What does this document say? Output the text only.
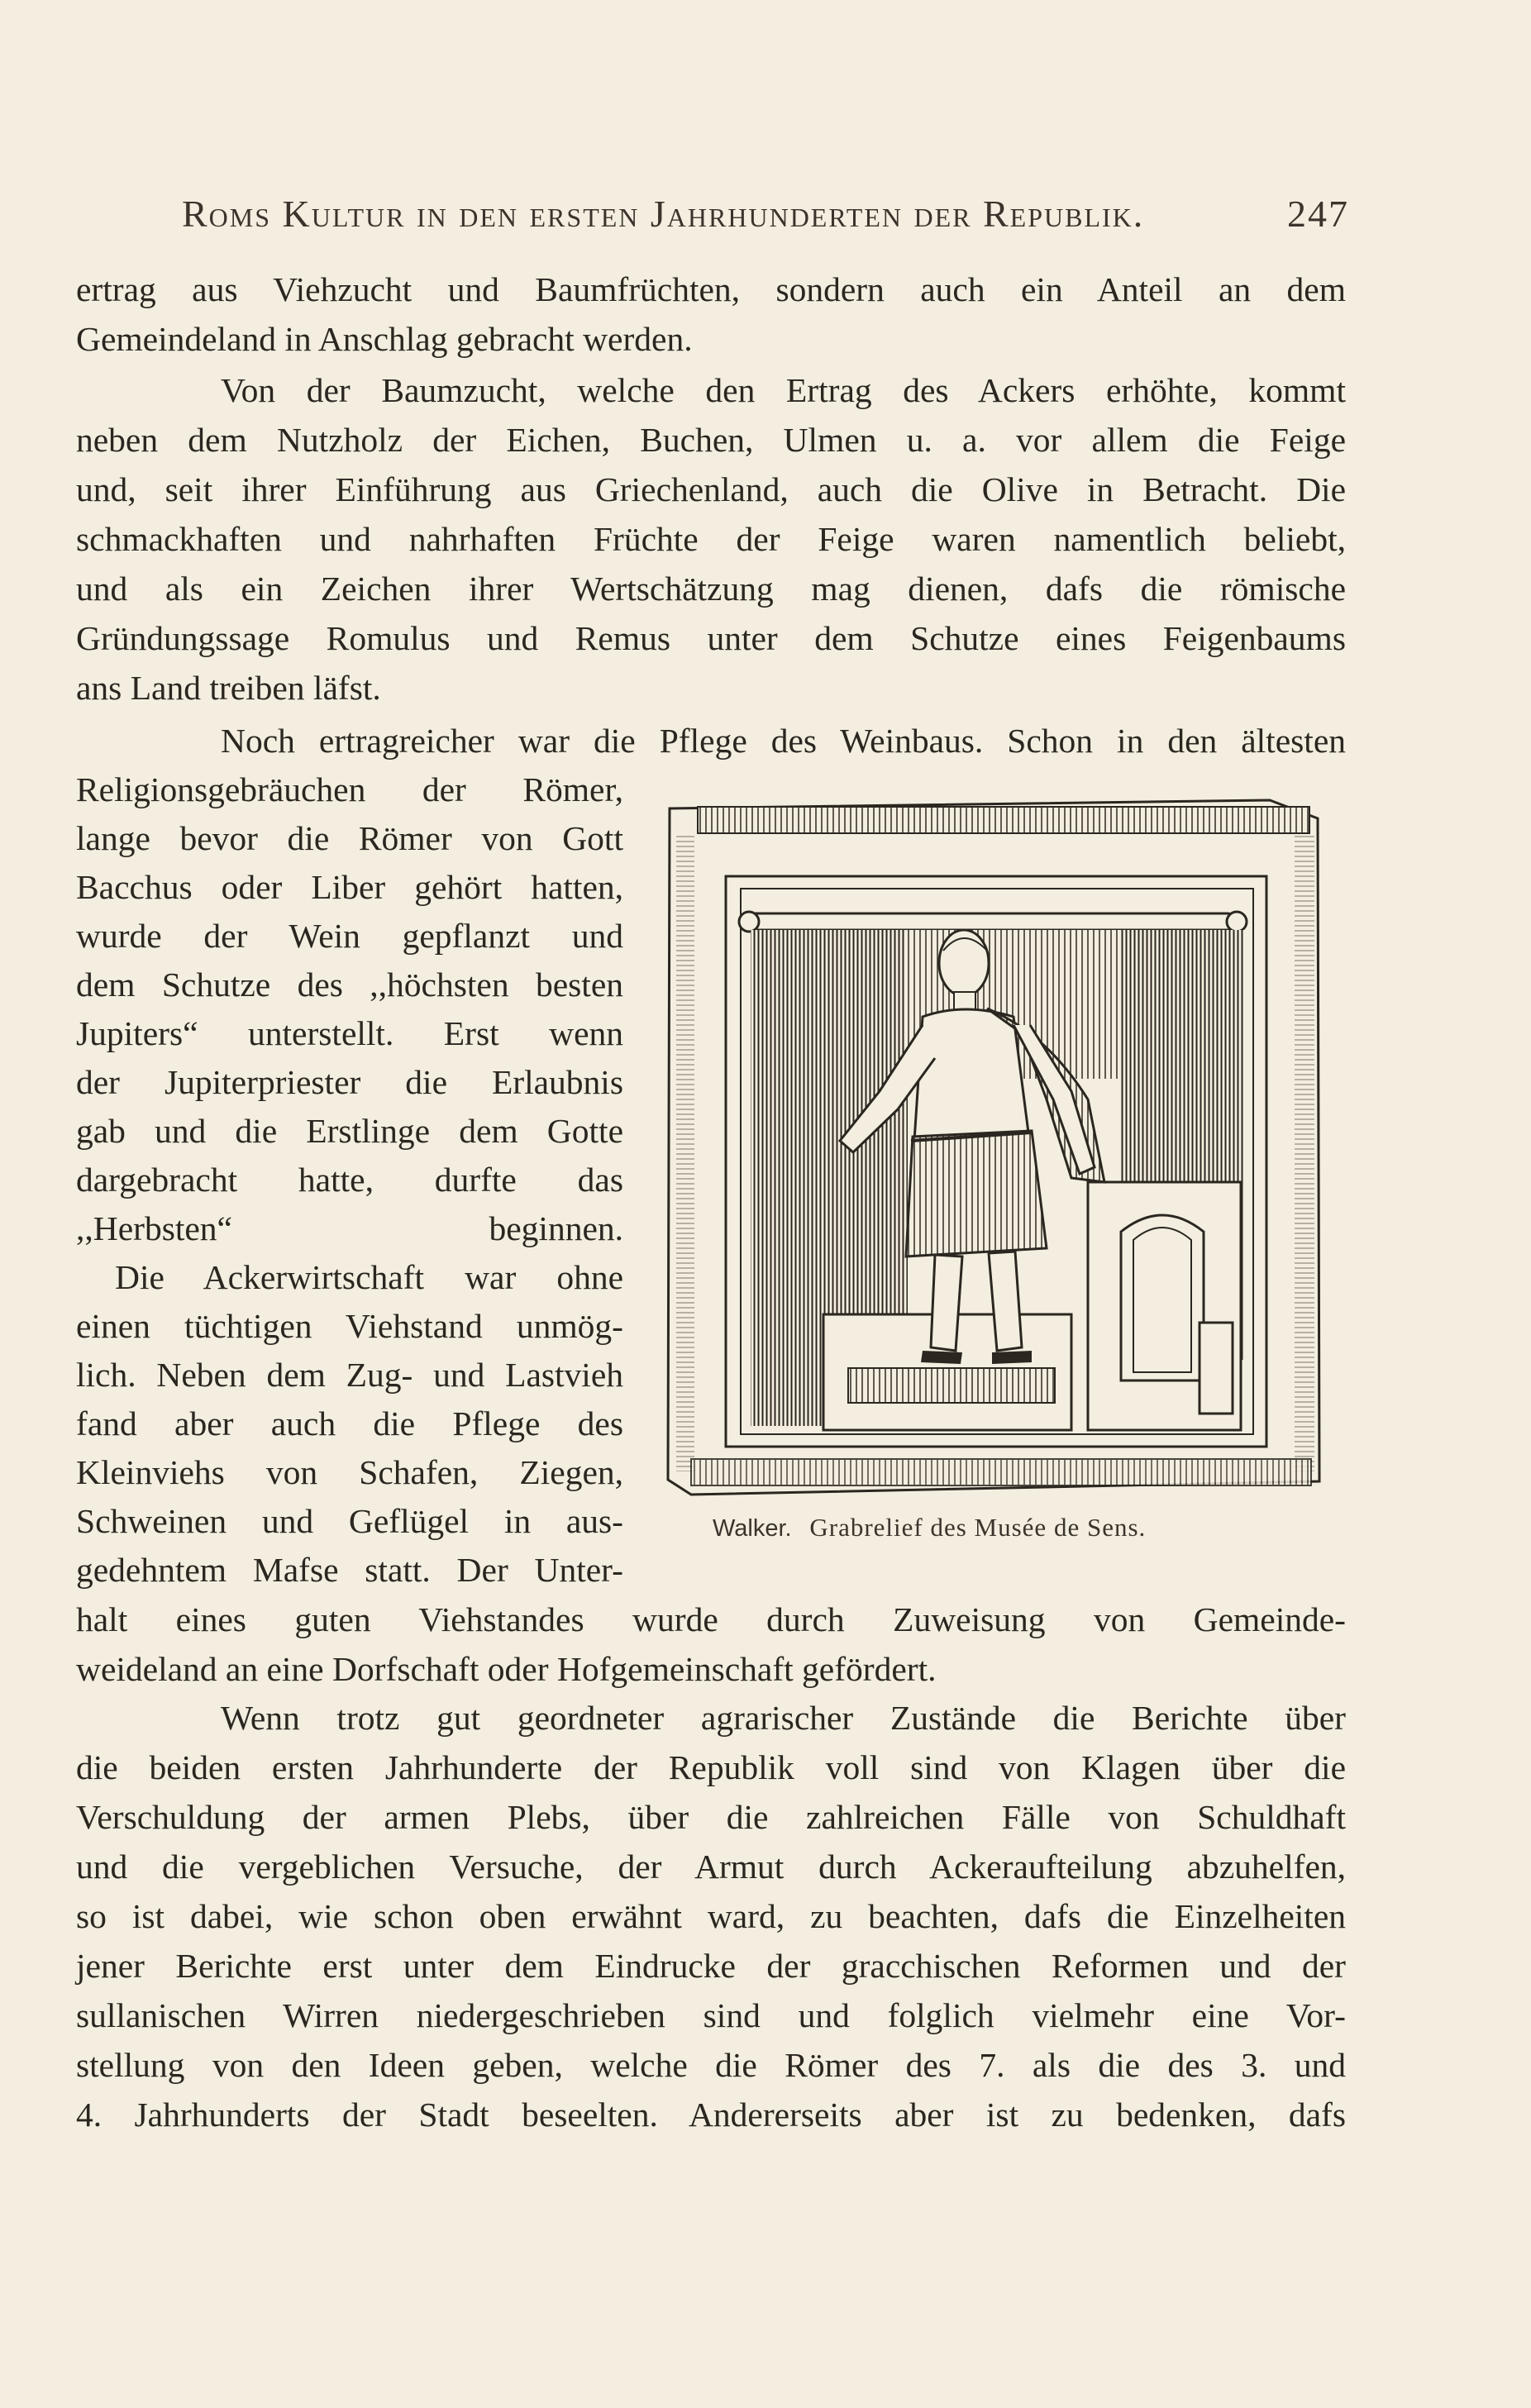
Roms Kultur in den ersten Jahrhunderten der Republik.	247
ertrag aus Viehzucht und Baumfrüchten, sondern auch ein Anteil an dem
Gemeindeland in Anschlag gebracht werden.
Von der Baumzucht, welche den Ertrag des Ackers erhöhte, kommt
neben dem Nutzholz der Eichen, Buchen, Ulmen u. a. vor allem die Feige
und, seit ihrer Einführung aus Griechenland, auch die Olive in Betracht. Die
schmackhaften und nahrhaften Früchte der Feige waren namentlich beliebt,
und als ein Zeichen ihrer Wertschätzung mag dienen, dafs die römische
Gründungssage Romulus und Remus unter dem Schutze eines Feigenbaums
ans Land treiben läfst.
Noch ertragreicher war die Pflege des Weinbaus. Schon in den ältesten
Religionsgebräuchen der Römer,
lange bevor die Römer von Gott
Bacchus oder Liber gehört hatten,
wurde der Wein gepflanzt und
dem Schutze des ,,höchsten besten
Jupiters“ unterstellt. Erst wenn
der Jupiterpriester die Erlaubnis
gab und die Erstlinge dem Gotte
dargebracht hatte, durfte das
,,Herbsten“ beginnen.
Die Ackerwirtschaft war ohne
einen tüchtigen Viehstand unmög-
lich. Neben dem Zug- und Lastvieh
fand aber auch die Pflege des
Kleinviehs von Schafen, Ziegen,
Schweinen und Geflügel in aus-
gedehntem Mafse statt. Der Unter-
halt eines guten Viehstandes wurde durch Zuweisung von Gemeinde-
weideland an eine Dorfschaft oder Hofgemeinschaft gefördert.
Wenn trotz gut geordneter agrarischer Zustände die Berichte über
die beiden ersten Jahrhunderte der Republik voll sind von Klagen über die
Verschuldung der armen Plebs, über die zahlreichen Fälle von Schuldhaft
und die vergeblichen Versuche, der Armut durch Ackeraufteilung abzuhelfen,
so ist dabei, wie schon oben erwähnt ward, zu beachten, dafs die Einzelheiten
jener Berichte erst unter dem Eindrucke der gracchischen Reformen und der
sullanischen Wirren niedergeschrieben sind und folglich vielmehr eine Vor-
stellung von den Ideen geben, welche die Römer des 7. als die des 3. und
4. Jahrhunderts der Stadt beseelten. Andererseits aber ist zu bedenken, dafs
Walker. Grabrelief des Musée de Sens.
